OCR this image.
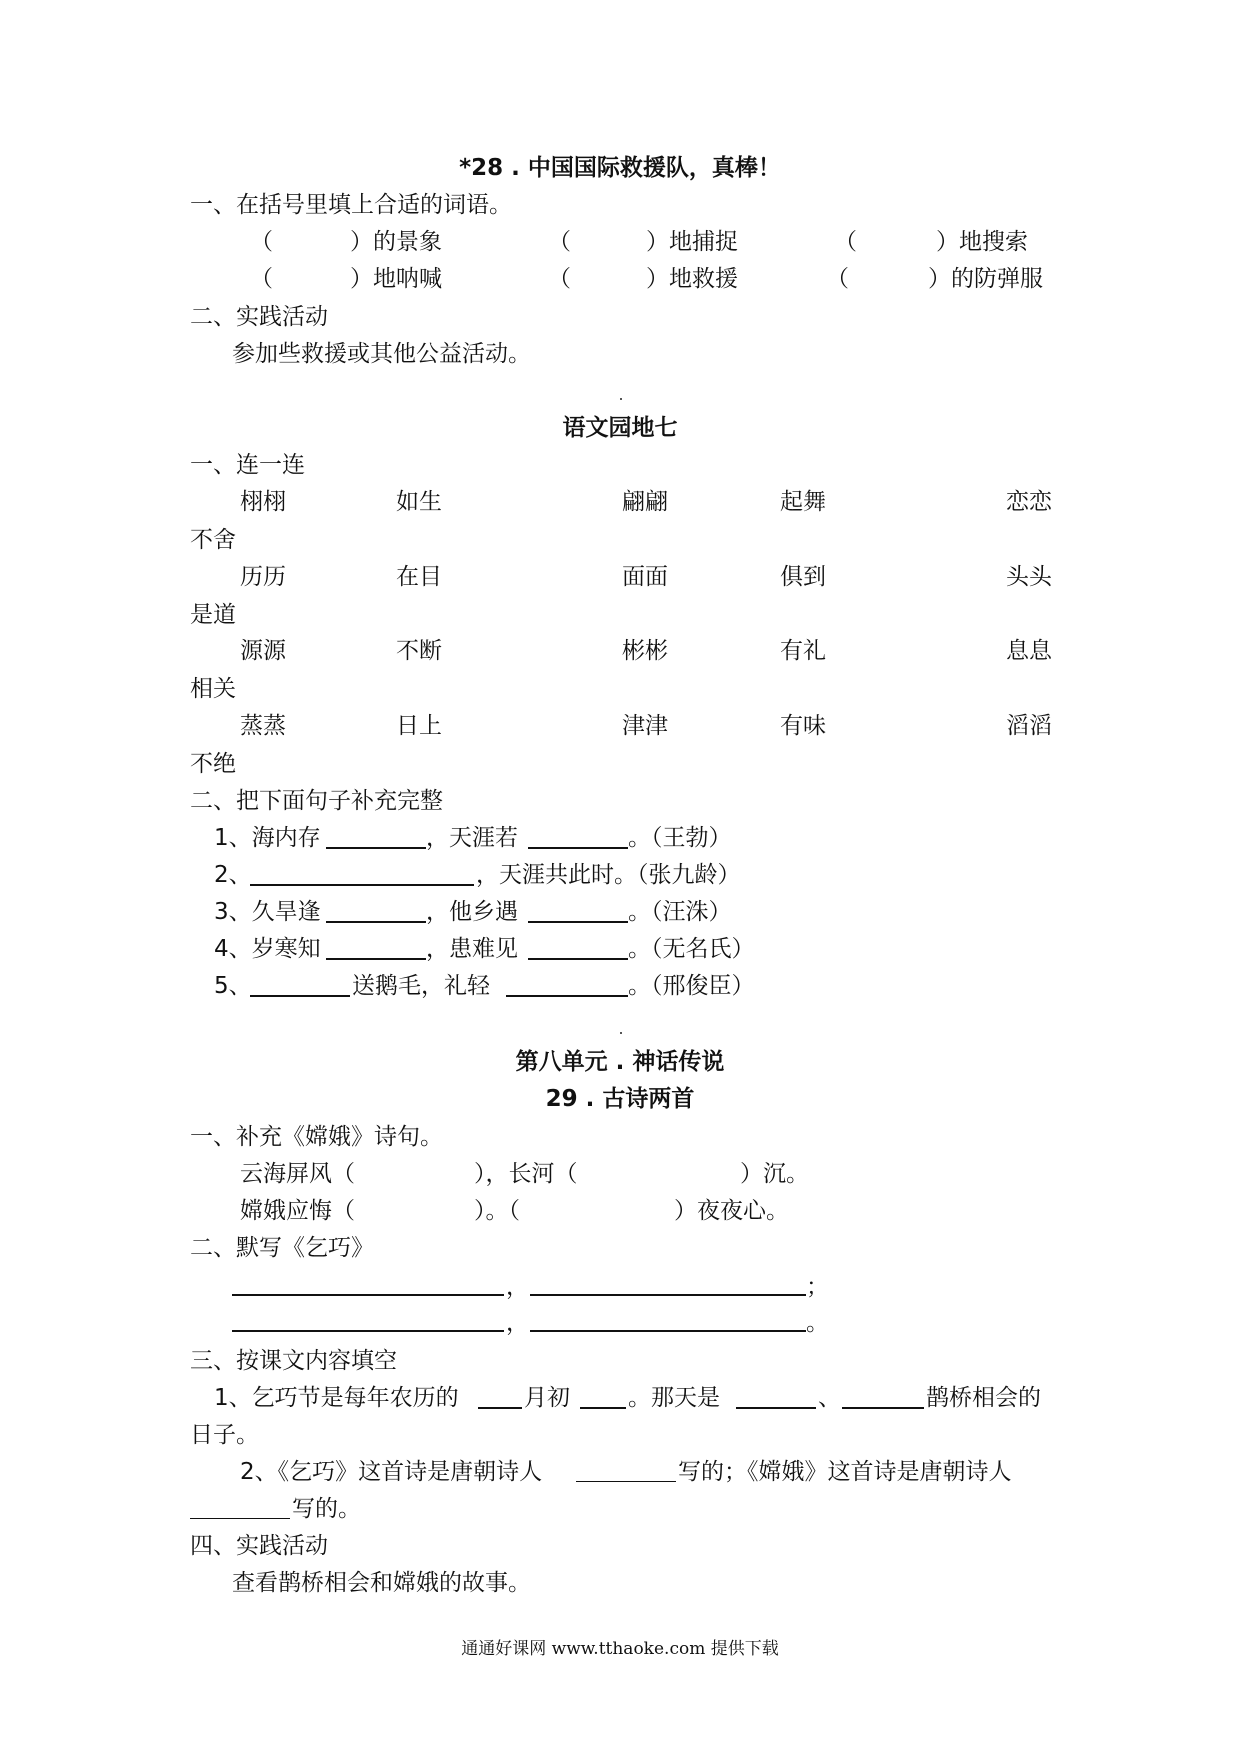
*28 . 中国国际救援队，真棒！
一、在括号里填上合适的词语。
（	）的景象	（	）地捕捉	（	）地搜索
（	）地呐喊	（	）地救援	（	）的防弹服
二、实践活动
参加些救援或其他公益活动。
语文园地七
一、连一连
栩栩	如生	翩翩	起舞	恋恋
不舍
历历	在目	面面	俱到	头头
是道
源源	不断	彬彬	有礼	息息
相关
蒸蒸	日上	津津	有味	滔滔
不绝
二、把下面句子补充完整
1、海内存	，天涯若	。（王勃）
2、	，天涯共此时。（张九龄）
3、久旱逢	，他乡遇	。（汪洙）
4、岁寒知	，患难见	。（无名氏）
5、	送鹅毛，礼轻	。（邢俊臣）
第八单元 . 神话传说
29 . 古诗两首
一、补充《嫦娥》诗句。
云海屏风（	），长河（	）沉。
嫦娥应悔（	）。（	）夜夜心。
二、默写《乞巧》
，	；
，	。
三、按课文内容填空
1、乞巧节是每年农历的	月初	。那天是	、	鹊桥相会的
日子。
2、《乞巧》这首诗是唐朝诗人	写的；《嫦娥》这首诗是唐朝诗人
写的。
四、实践活动
查看鹊桥相会和嫦娥的故事。
通通好课网 www.tthaoke.com 提供下载
